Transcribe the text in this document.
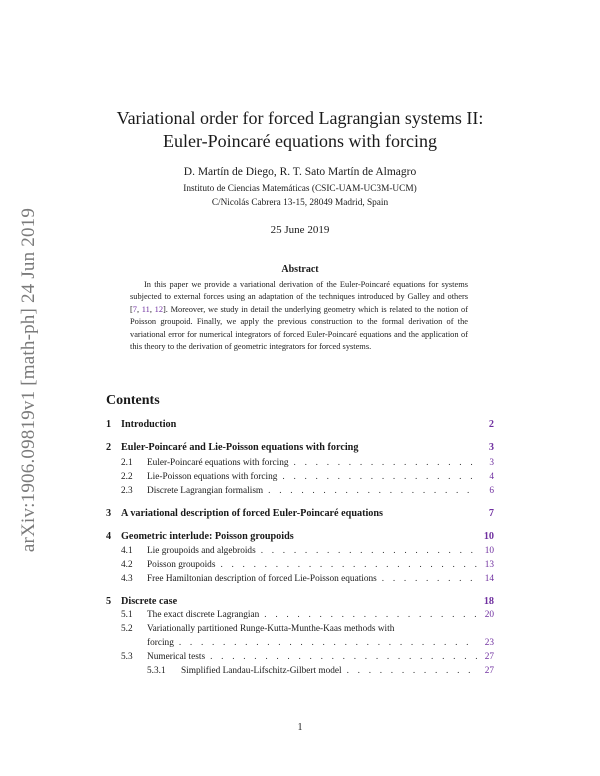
arXiv:1906.09819v1 [math-ph] 24 Jun 2019
Variational order for forced Lagrangian systems II:
Euler-Poincaré equations with forcing
D. Martín de Diego, R. T. Sato Martín de Almagro
Instituto de Ciencias Matemáticas (CSIC-UAM-UC3M-UCM)
C/Nicolás Cabrera 13-15, 28049 Madrid, Spain
25 June 2019
Abstract
In this paper we provide a variational derivation of the Euler-Poincaré equations for systems subjected to external forces using an adaptation of the techniques introduced by Galley and others [7, 11, 12]. Moreover, we study in detail the underlying geometry which is related to the notion of Poisson groupoid. Finally, we apply the previous construction to the formal derivation of the variational error for numerical integrators of forced Euler-Poincaré equations and the application of this theory to the derivation of geometric integrators for forced systems.
Contents
1 Introduction	2
2 Euler-Poincaré and Lie-Poisson equations with forcing	3
2.1	Euler-Poincaré equations with forcing . . .	3
2.2	Lie-Poisson equations with forcing . . .	4
2.3	Discrete Lagrangian formalism . . .	6
3 A variational description of forced Euler-Poincaré equations	7
4 Geometric interlude: Poisson groupoids	10
4.1	Lie groupoids and algebroids . . .	10
4.2	Poisson groupoids . . .	13
4.3	Free Hamiltonian description of forced Lie-Poisson equations . . .	14
5 Discrete case	18
5.1	The exact discrete Lagrangian . . .	20
5.2	Variationally partitioned Runge-Kutta-Munthe-Kaas methods with
forcing . . .	23
5.3	Numerical tests . . .	27
5.3.1	Simplified Landau-Lifschitz-Gilbert model . . .	27
1
